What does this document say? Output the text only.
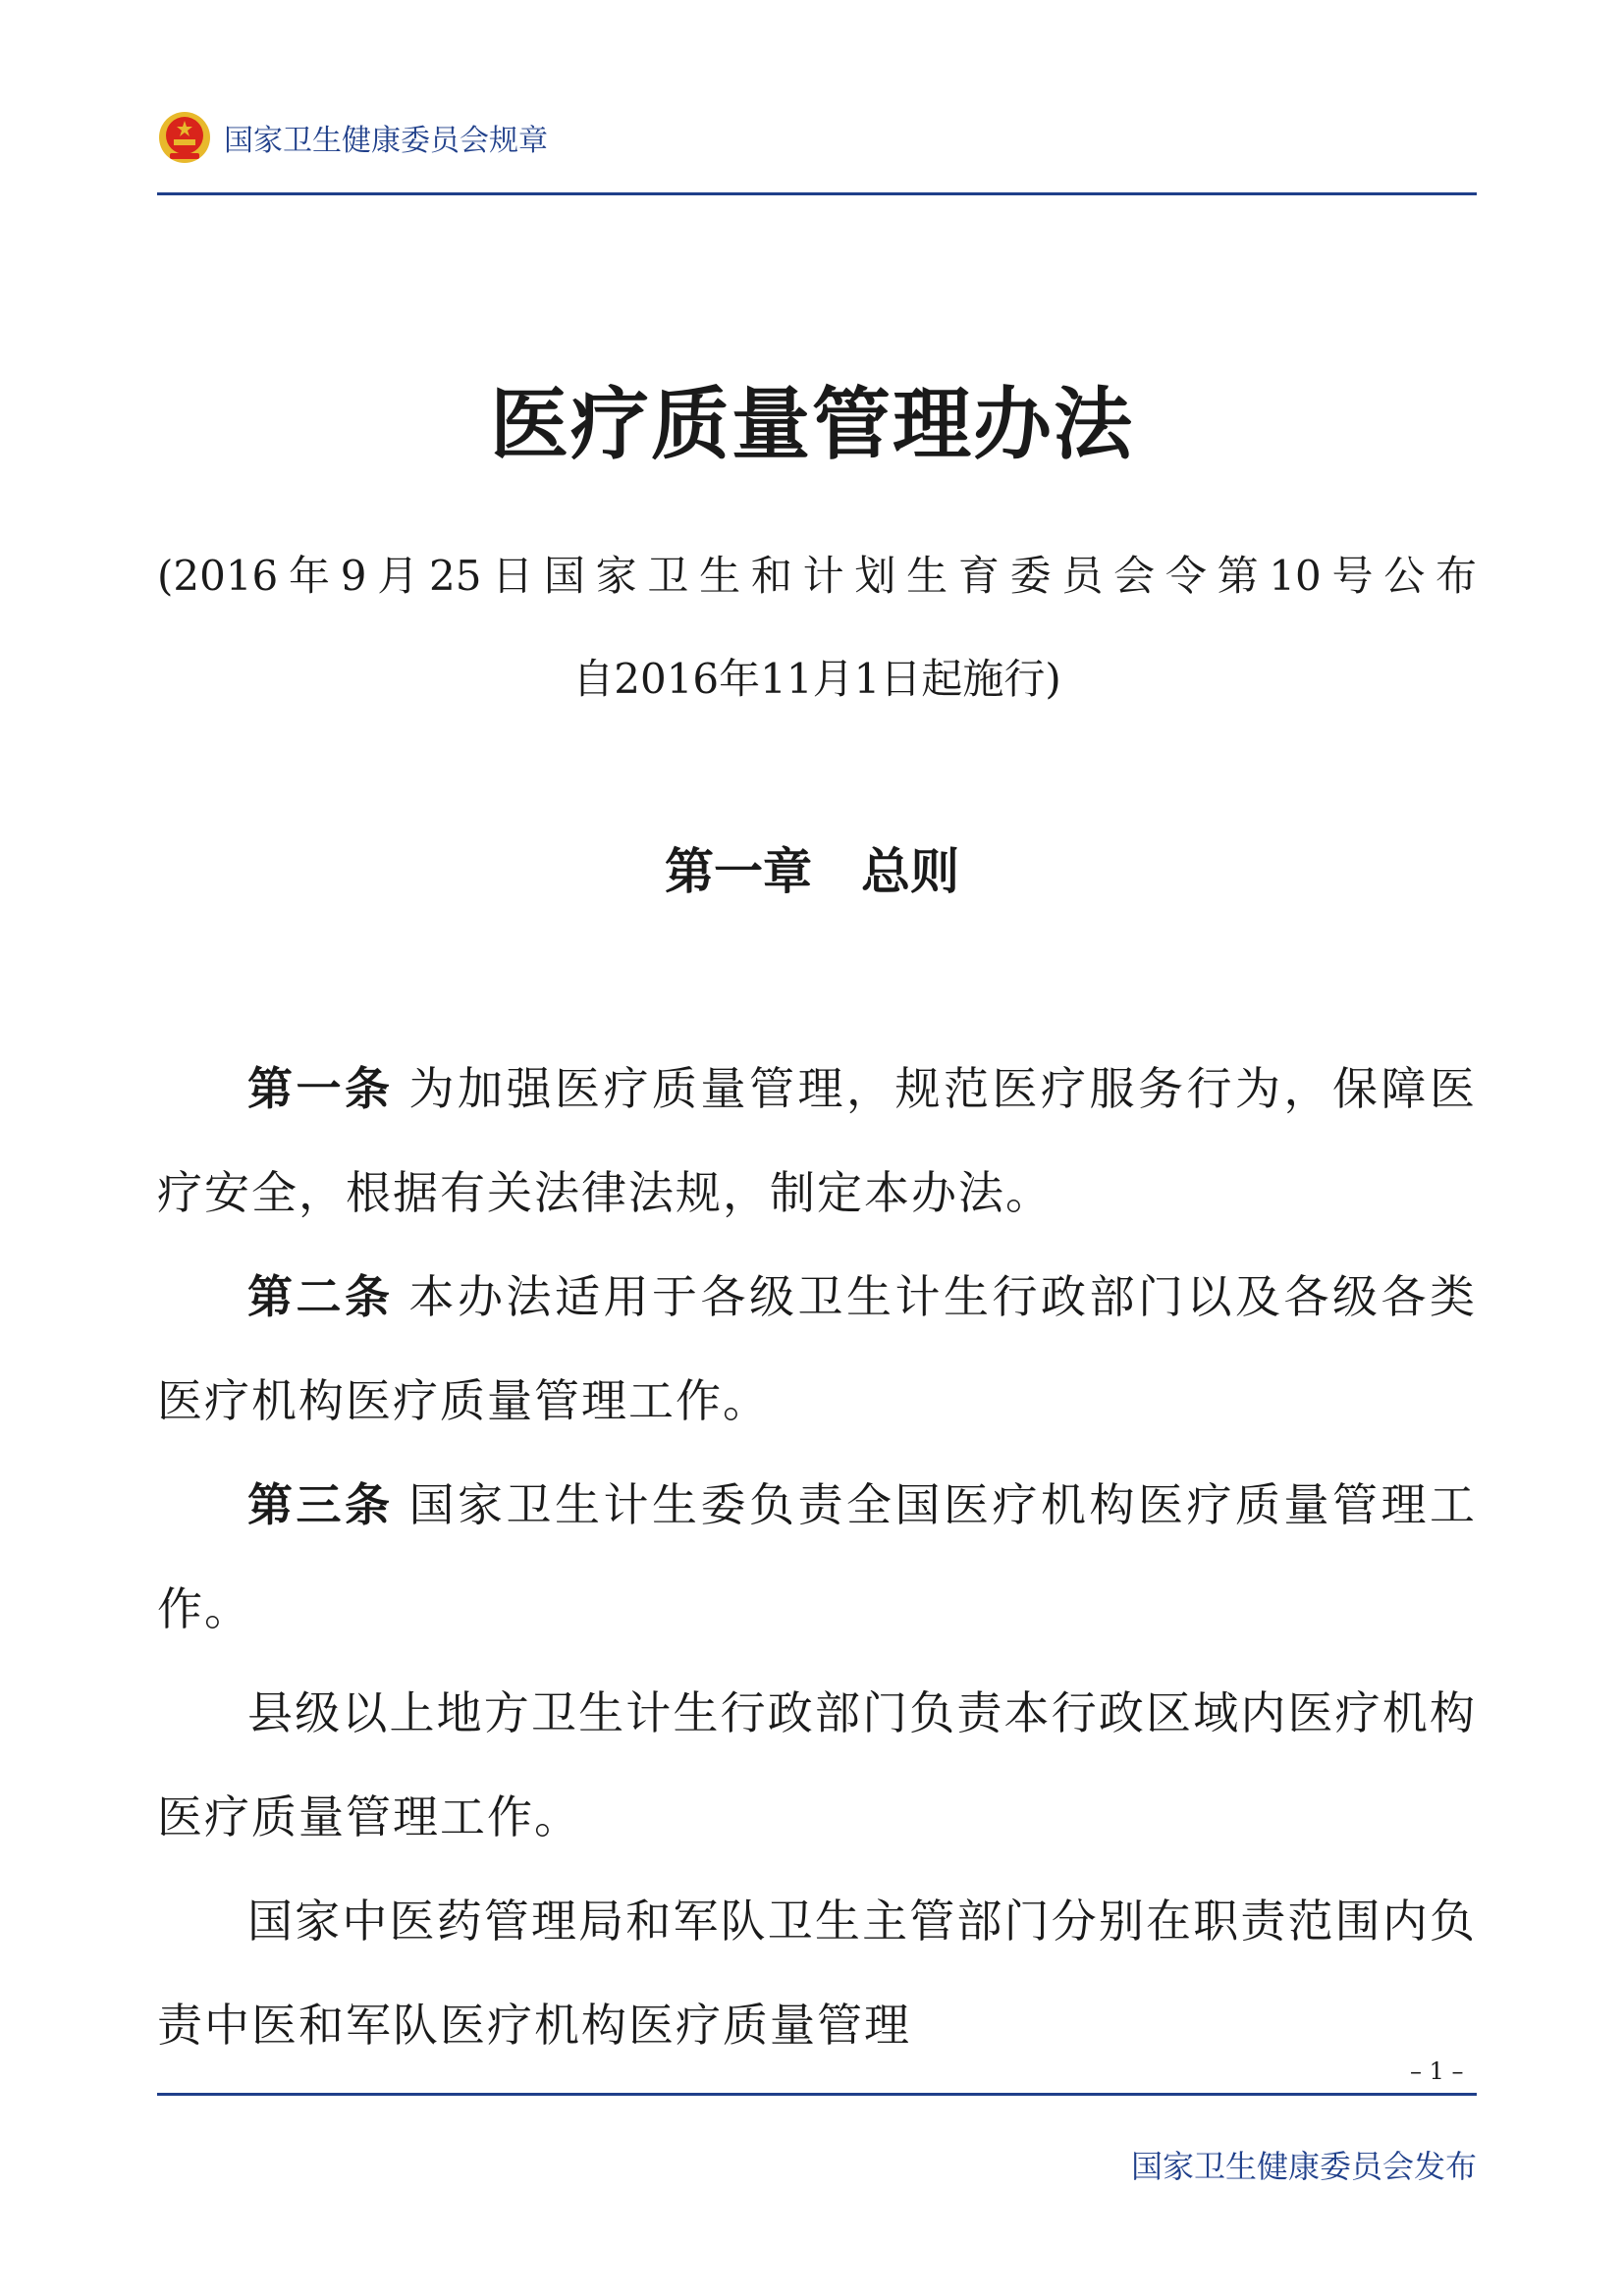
国家卫生健康委员会规章
医疗质量管理办法
(2016年9月25日国家卫生和计划生育委员会令第10号公布
自2016年11月1日起施行)
第一章　总则

第一条 为加强医疗质量管理，规范医疗服务行为，保障医疗安全，根据有关法律法规，制定本办法。

第二条 本办法适用于各级卫生计生行政部门以及各级各类医疗机构医疗质量管理工作。

第三条 国家卫生计生委负责全国医疗机构医疗质量管理工作。

县级以上地方卫生计生行政部门负责本行政区域内医疗机构医疗质量管理工作。

国家中医药管理局和军队卫生主管部门分别在职责范围内负责中医和军队医疗机构医疗质量管理

– 1 –
国家卫生健康委员会发布
